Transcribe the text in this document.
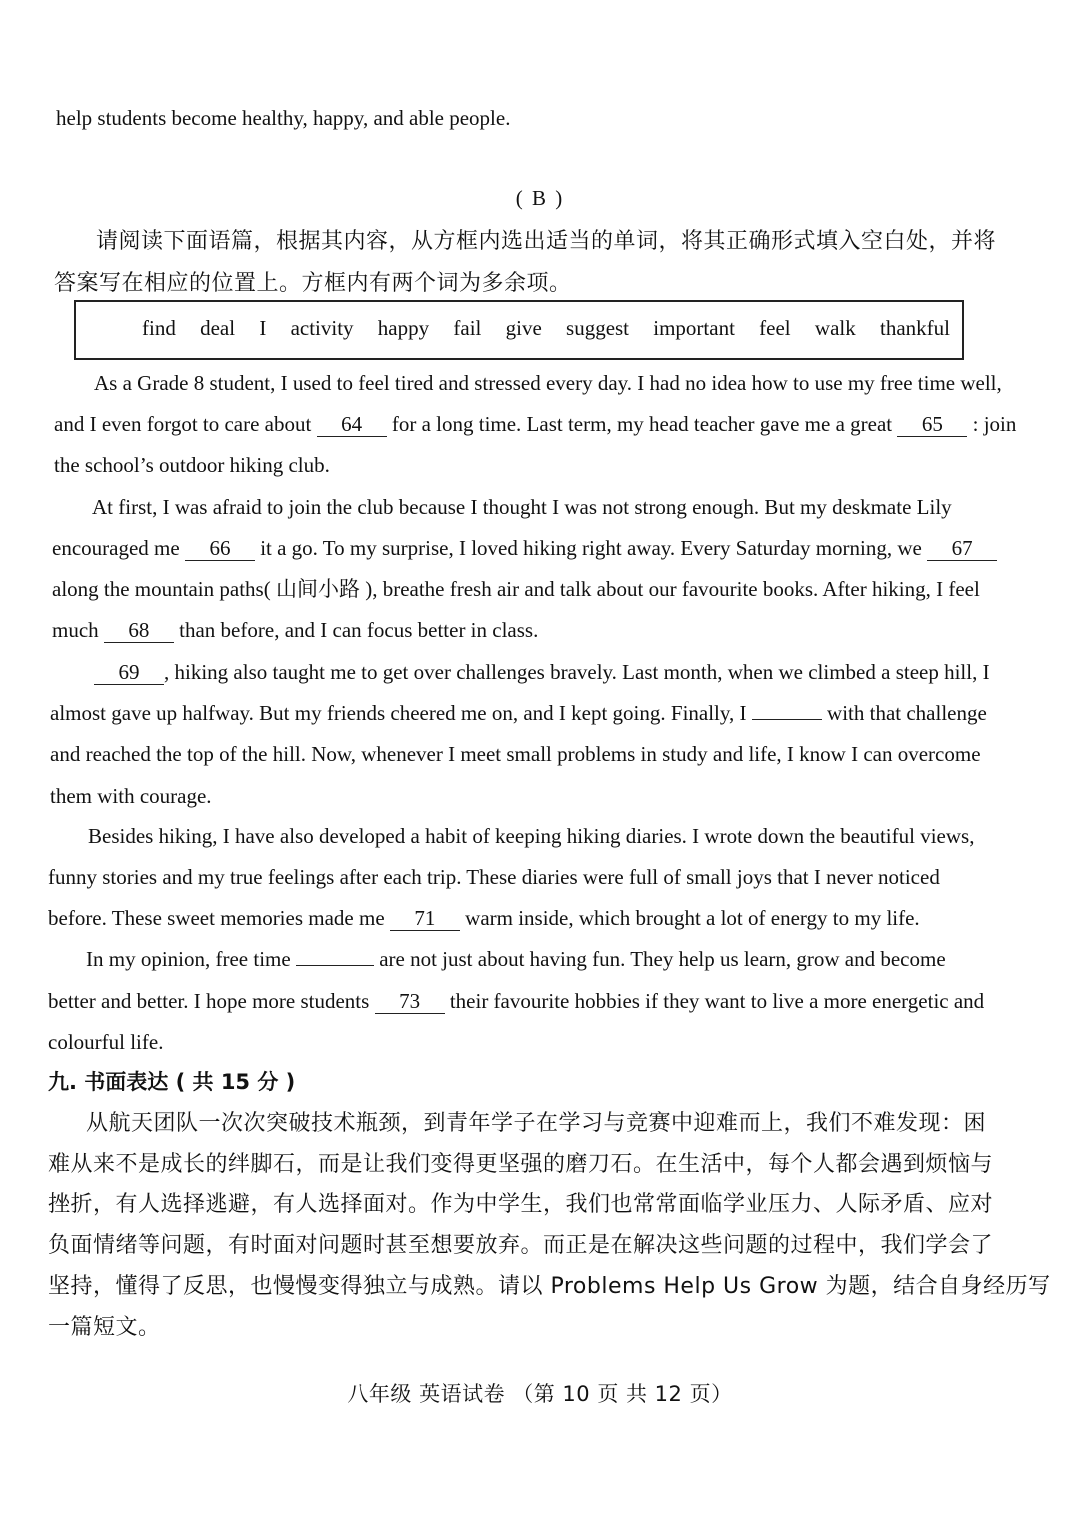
help students become healthy, happy, and able people.
( B )
请阅读下面语篇，根据其内容，从方框内选出适当的单词，将其正确形式填入空白处，并将
答案写在相应的位置上。方框内有两个词为多余项。
find deal I activity happy fail give suggest important feel walk thankful
As a Grade 8 student, I used to feel tired and stressed every day. I had no idea how to use my free time well,
and I even forgot to care about 64 for a long time. Last term, my head teacher gave me a great 65 : join
the school’s outdoor hiking club.
At first, I was afraid to join the club because I thought I was not strong enough. But my deskmate Lily
encouraged me 66 it a go. To my surprise, I loved hiking right away. Every Saturday morning, we 67
along the mountain paths( 山间小路 ), breathe fresh air and talk about our favourite books. After hiking, I feel
much 68 than before, and I can focus better in class.
69 , hiking also taught me to get over challenges bravely. Last month, when we climbed a steep hill, I
almost gave up halfway. But my friends cheered me on, and I kept going. Finally, I	with that challenge
and reached the top of the hill. Now, whenever I meet small problems in study and life, I know I can overcome
them with courage.
Besides hiking, I have also developed a habit of keeping hiking diaries. I wrote down the beautiful views,
funny stories and my true feelings after each trip. These diaries were full of small joys that I never noticed
before. These sweet memories made me 71 warm inside, which brought a lot of energy to my life.
In my opinion, free time	are not just about having fun. They help us learn, grow and become
better and better. I hope more students 73 their favourite hobbies if they want to live a more energetic and
colourful life.
九. 书面表达 ( 共 15 分 )
从航天团队一次次突破技术瓶颈，到青年学子在学习与竞赛中迎难而上，我们不难发现：困
难从来不是成长的绊脚石，而是让我们变得更坚强的磨刀石。在生活中，每个人都会遇到烦恼与
挫折，有人选择逃避，有人选择面对。作为中学生，我们也常常面临学业压力、人际矛盾、应对
负面情绪等问题，有时面对问题时甚至想要放弃。而正是在解决这些问题的过程中，我们学会了
坚持，懂得了反思，也慢慢变得独立与成熟。请以 Problems Help Us Grow 为题，结合自身经历写
一篇短文。
八年级 英语试卷 （第 10 页 共 12 页）
